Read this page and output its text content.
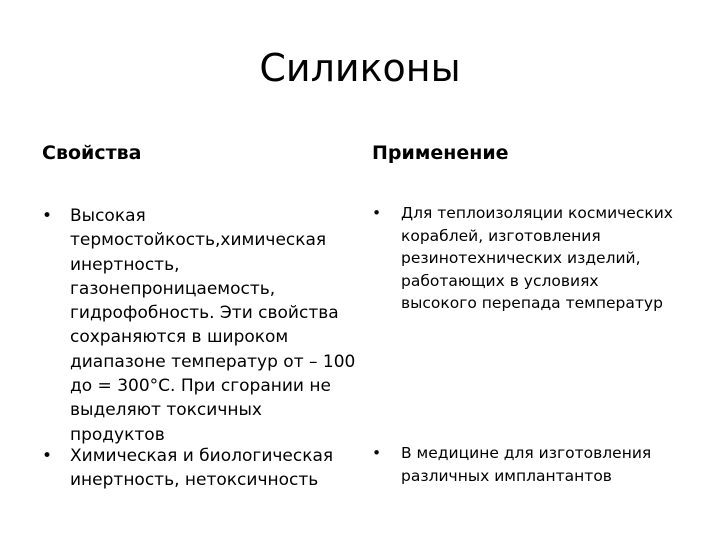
Силиконы
Свойства
• Высокая термостойкость,химическая инертность, газонепроницаемость, гидрофобность. Эти свойства сохраняются в широком диапазоне температур от – 100 до = 300°С. При сгорании не выделяют токсичных продуктов
• Химическая и биологическая инертность, нетоксичность
Применение
• Для теплоизоляции космических кораблей, изготовления резинотехнических изделий, работающих в условиях высокого перепада температур
• В медицине для изготовления различных имплантантов
